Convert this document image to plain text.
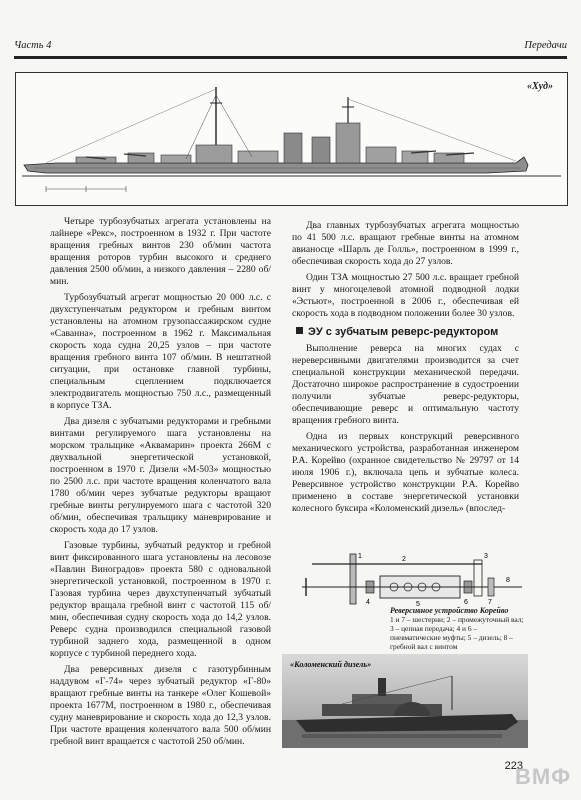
Часть 4	Передачи
«Худ»

Четыре турбозубчатых агрегата установлены на лайнере «Рекс», построенном в 1932 г. При частоте вращения гребных винтов 230 об/мин частота вращения роторов турбин высокого и среднего давления 2500 об/мин, а низкого давления – 2280 об/мин.

Турбозубчатый агрегат мощностью 20 000 л.с. с двухступенчатым редуктором и гребным винтом установлены на атомном грузопассажирском судне «Саванна», построенном в 1962 г. Максимальная скорость хода судна 20,25 узлов – при частоте вращения гребного винта 107 об/мин. В нештатной ситуации, при остановке главной турбины, специальным сцеплением подключается электродвигатель мощностью 750 л.с., размещенный в корпусе ТЗА.

Два дизеля с зубчатыми редукторами и гребными винтами регулируемого шага установлены на морском тральщике «Аквамарин» проекта 266М с двухвальной энергетической установкой, построенном в 1970 г. Дизели «М-503» мощностью по 2500 л.с. при частоте вращения коленчатого вала 1780 об/мин через зубчатые редукторы вращают гребные винты регулируемого шага с частотой 320 об/мин, обеспечивая тральщику маневрирование и скорость хода до 17 узлов.

Газовые турбины, зубчатый редуктор и гребной винт фиксированного шага установлены на лесовозе «Павлин Виноградов» проекта 580 с одновальной энергетической установкой, построенном в 1970 г. Газовая турбина через двухступенчатый зубчатый редуктор вращала гребной винт с частотой 115 об/мин, обеспечивая судну скорость хода до 14,2 узлов. Реверс судна производился специальной газовой турбиной заднего хода, размещенной в одном корпусе с турбиной переднего хода.

Два реверсивных дизеля с газотурбинным наддувом «Г-74» через зубчатый редуктор «Г-80» вращают гребные винты на танкере «Олег Кошевой» проекта 1677М, построенном в 1980 г., обеспечивая судну маневрирование и скорость хода до 12,3 узлов. При частоте вращения коленчатого вала 500 об/мин гребной винт вращается с частотой 250 об/мин.

Два главных турбозубчатых агрегата мощностью по 41 500 л.с. вращают гребные винты на атомном авианосце «Шарль де Голль», построенном в 1999 г., обеспечивая скорость хода до 27 узлов.

Один ТЗА мощностью 27 500 л.с. вращает гребной винт у многоцелевой атомной подводной лодки «Эстьют», построенной в 2006 г., обеспечивая ей скорость хода в подводном положении более 30 узлов.

ЭУ с зубчатым реверс-редуктором

Выполнение реверса на многих судах с нереверсивными двигателями производится за счет специальной конструкции механической передачи. Достаточно широкое распространение в судостроении получили зубчатые реверс-редукторы, обеспечивающие реверс и оптимальную частоту вращения гребного винта.

Одна из первых конструкций реверсивного механического устройства, разработанная инженером Р.А. Корейво (охранное свидетельство № 29797 от 14 июля 1906 г.), включала цепь и зубчатые колеса. Реверсивное устройство конструкции Р.А. Корейво применено в составе энергетической установки колесного буксира «Коломенский дизель» (впослед-

1	2	3
4	5	6	7
8
Реверсивное устройство Корейво
1 и 7 – шестерни; 2 – промежуточный вал; 3 – цепная передача; 4 и 6 – пневматические муфты; 5 – дизель; 8 – гребной вал с винтом
«Коломенский дизель»
223
ВМФ
